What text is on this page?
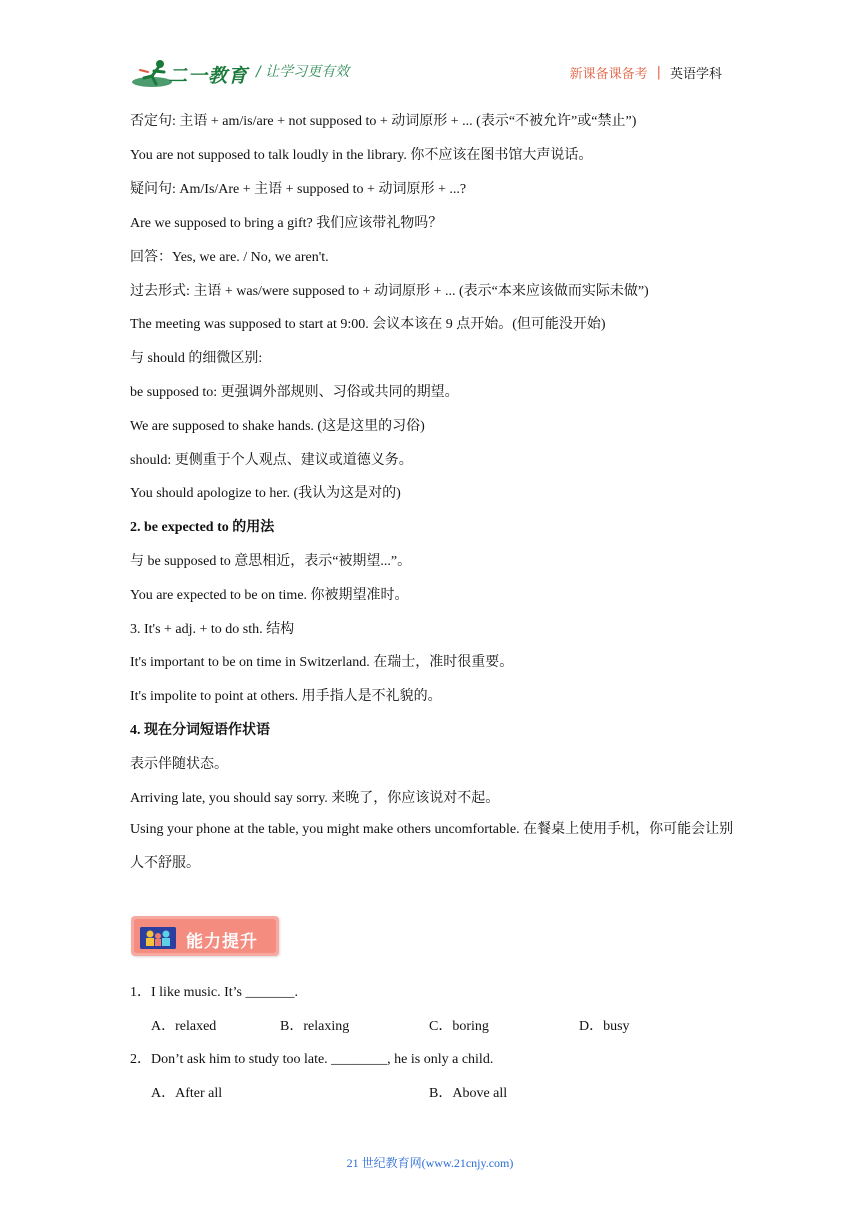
二一教育 / 让学习更有效	新课备课备考 | 英语学科

否定句: 主语 + am/is/are + not supposed to + 动词原形 + ... (表示“不被允许”或“禁止”)

You are not supposed to talk loudly in the library. 你不应该在图书馆大声说话。

疑问句: Am/Is/Are + 主语 + supposed to + 动词原形 + ...?

Are we supposed to bring a gift? 我们应该带礼物吗？

回答：Yes, we are. / No, we aren't.

过去形式: 主语 + was/were supposed to + 动词原形 + ... (表示“本来应该做而实际未做”)

The meeting was supposed to start at 9:00. 会议本该在 9 点开始。(但可能没开始)

与 should 的细微区别:

be supposed to: 更强调外部规则、习俗或共同的期望。

We are supposed to shake hands. (这是这里的习俗)

should: 更侧重于个人观点、建议或道德义务。

You should apologize to her. (我认为这是对的)

2. be expected to 的用法

与 be supposed to 意思相近，表示“被期望...”。

You are expected to be on time. 你被期望准时。

3. It's + adj. + to do sth. 结构

It's important to be on time in Switzerland. 在瑞士，准时很重要。

It's impolite to point at others. 用手指人是不礼貌的。

4. 现在分词短语作状语

表示伴随状态。

Arriving late, you should say sorry. 来晚了，你应该说对不起。

Using your phone at the table, you might make others uncomfortable. 在餐桌上使用手机，你可能会让别人不舒服。

能力提升
1．I like music. It’s _______.
A．relaxed	B．relaxing	C．boring	D．busy
2．Don’t ask him to study too late. ________, he is only a child.
A．After all	B．Above all
21 世纪教育网(www.21cnjy.com)
